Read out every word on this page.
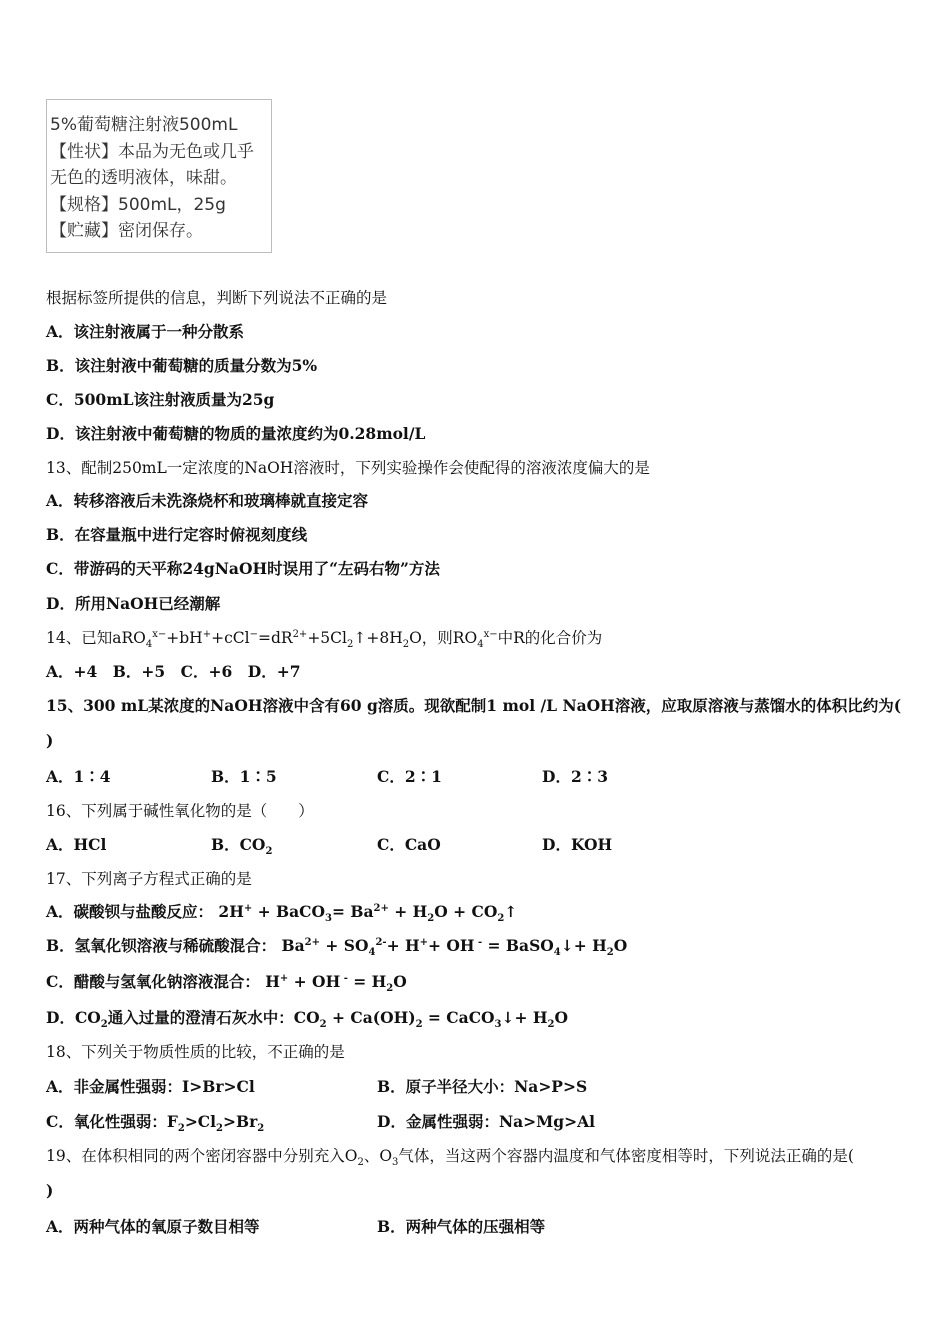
5%葡萄糖注射液500mL
【性状】本品为无色或几乎
无色的透明液体，味甜。
【规格】500mL，25g
【贮藏】密闭保存。
根据标签所提供的信息，判断下列说法不正确的是
A．该注射液属于一种分散系
B．该注射液中葡萄糖的质量分数为5%
C．500mL该注射液质量为25g
D．该注射液中葡萄糖的物质的量浓度约为0.28mol/L
13、配制250mL一定浓度的NaOH溶液时，下列实验操作会使配得的溶液浓度偏大的是
A．转移溶液后未洗涤烧杯和玻璃棒就直接定容
B．在容量瓶中进行定容时俯视刻度线
C．带游码的天平称24gNaOH时误用了“左码右物”方法
D．所用NaOH已经潮解
14、已知$aRO_4^{x-}+bH^++cCl^-=dR^{2+}+5Cl_2↑+8H_2O$，则$RO_4^{x-}$中R的化合价为
A．+4　B．+5　C．+6　D．+7
15、300 mL某浓度的NaOH溶液中含有60 g溶质。现欲配制1 mol /L NaOH溶液，应取原溶液与蒸馏水的体积比约为(
)
A．1∶4	B．1∶5	C．2∶1	D．2∶3
16、下列属于碱性氧化物的是（　　）
A．HCl	B．$CO_2$	C．CaO	D．KOH
17、下列离子方程式正确的是
A．碳酸钡与盐酸反应： 2H+ + BaCO$_3$= $Ba^{2+} + H_2O$ + $CO_2↑$
B．氢氧化钡溶液与稀硫酸混合： $Ba^{2+} + SO_4^{2-}+ H^++$ OH - = BaSO$_4$↓+ $H_2O$
C．醋酸与氢氧化钠溶液混合： H+ + OH $^- = H_2O$
D．$CO_2$通入过量的澄清石灰水中：$CO_2 + Ca(OH)_2$ = CaCO$_3$↓+ $H_2O$
18、下列关于物质性质的比较，不正确的是
A．非金属性强弱：I>Br>Cl	B．原子半径大小：Na>P>S
C．氧化性强弱：$F_2>Cl_2>Br_2$	D．金属性强弱：Na>Mg>Al
19、在体积相同的两个密闭容器中分别充入$O_2$、$O_3$气体，当这两个容器内温度和气体密度相等时，下列说法正确的是(
)
A．两种气体的氧原子数目相等	B．两种气体的压强相等
